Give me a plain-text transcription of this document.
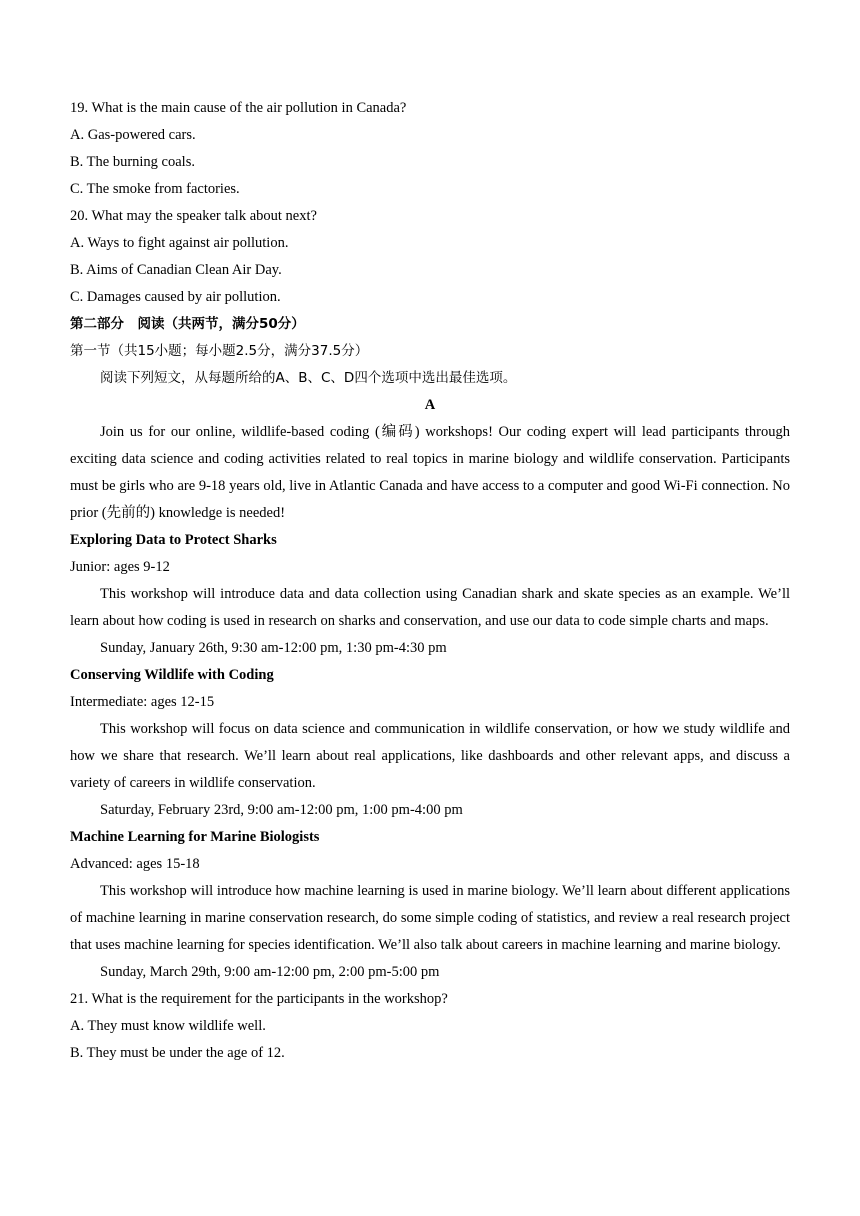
19. What is the main cause of the air pollution in Canada?
A. Gas-powered cars.
B. The burning coals.
C. The smoke from factories.
20. What may the speaker talk about next?
A. Ways to fight against air pollution.
B. Aims of Canadian Clean Air Day.
C. Damages caused by air pollution.
第二部分　阅读（共两节，满分50分）
第一节（共15小题；每小题2.5分，满分37.5分）
阅读下列短文，从每题所给的A、B、C、D四个选项中选出最佳选项。
A
Join us for our online, wildlife-based coding (编码) workshops! Our coding expert will lead participants through exciting data science and coding activities related to real topics in marine biology and wildlife conservation. Participants must be girls who are 9-18 years old, live in Atlantic Canada and have access to a computer and good Wi-Fi connection. No prior (先前的) knowledge is needed!
Exploring Data to Protect Sharks
Junior: ages 9-12
This workshop will introduce data and data collection using Canadian shark and skate species as an example. We’ll learn about how coding is used in research on sharks and conservation, and use our data to code simple charts and maps.
Sunday, January 26th, 9:30 am-12:00 pm, 1:30 pm-4:30 pm
Conserving Wildlife with Coding
Intermediate: ages 12-15
This workshop will focus on data science and communication in wildlife conservation, or how we study wildlife and how we share that research. We’ll learn about real applications, like dashboards and other relevant apps, and discuss a variety of careers in wildlife conservation.
Saturday, February 23rd, 9:00 am-12:00 pm, 1:00 pm-4:00 pm
Machine Learning for Marine Biologists
Advanced: ages 15-18
This workshop will introduce how machine learning is used in marine biology. We’ll learn about different applications of machine learning in marine conservation research, do some simple coding of statistics, and review a real research project that uses machine learning for species identification. We’ll also talk about careers in machine learning and marine biology.
Sunday, March 29th, 9:00 am-12:00 pm, 2:00 pm-5:00 pm
21. What is the requirement for the participants in the workshop?
A. They must know wildlife well.
B. They must be under the age of 12.
